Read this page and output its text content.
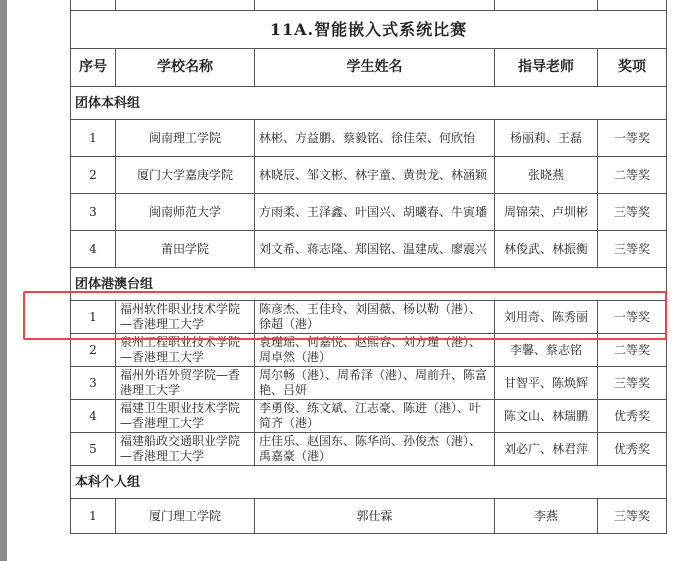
11A.智能嵌入式系统比赛				
序号	学校名称	学生姓名	指导老师	奖项
团体本科组				
1	闽南理工学院	林彬、方益鹏、蔡毅铭、徐佳荣、何欣怡	杨丽莉、王磊	一等奖
2	厦门大学嘉庚学院	林晓辰、邹文彬、林宇童、黄贵龙、林涵颖	张晓燕	二等奖
3	闽南师范大学	方雨柔、王泽鑫、叶国兴、胡曦春、牛寅璠	周锦荣、卢圳彬	三等奖
4	莆田学院	刘文希、蒋志隆、郑国铭、温建成、廖震兴	林俊武、林振衡	三等奖
团体港澳台组				
1	福州软件职业技术学院—香港理工大学	陈彦杰、王佳玲、刘国薇、杨以勒（港）、徐超（港）	刘用奇、陈秀丽	一等奖
2	泉州工程职业技术学院—香港理工大学	袁瑾瑶、何嘉悦、赵熙容、刘方瑾（港）、周卓然（港）	李馨、蔡志铭	二等奖
3	福州外语外贸学院—香港理工大学	周尔畅（港）、周希泽（港）、周前升、陈富艳、吕妍	甘智平、陈焕辉	三等奖
4	福建卫生职业技术学院—香港理工大学	李勇俊、练文斌、江志豪、陈进（港）、叶简齐（港）	陈文山、林瑞鹏	优秀奖
5	福建船政交通职业学院—香港理工大学	庄佳乐、赵国东、陈华尚、孙俊杰（港）、禹嘉豪（港）	刘必广、林君萍	优秀奖
本科个人组				
1	厦门理工学院	郭仕霖	李燕	三等奖
